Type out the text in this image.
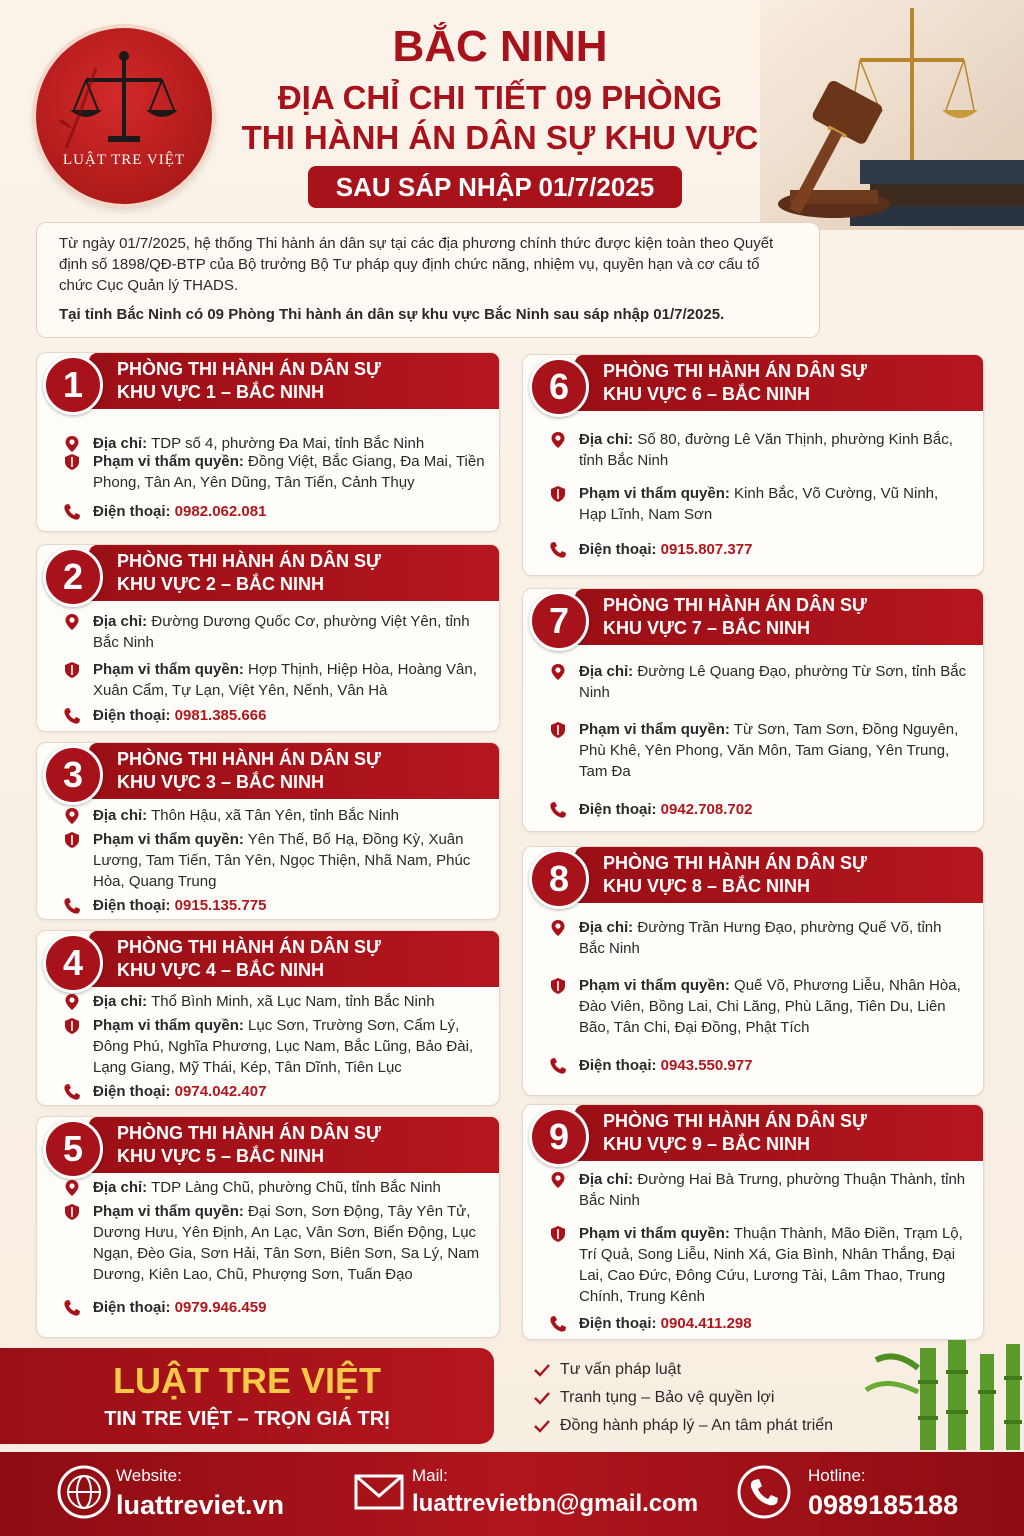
LUẬT TRE VIỆT
BẮC NINH
ĐỊA CHỈ CHI TIẾT 09 PHÒNG
THI HÀNH ÁN DÂN SỰ KHU VỰC
SAU SÁP NHẬP 01/7/2025

Từ ngày 01/7/2025, hệ thống Thi hành án dân sự tại các địa phương chính thức được kiện toàn theo Quyết định số 1898/QĐ-BTP của Bộ trưởng Bộ Tư pháp quy định chức năng, nhiệm vụ, quyền hạn và cơ cấu tổ chức Cục Quản lý THADS.

Tại tỉnh Bắc Ninh có 09 Phòng Thi hành án dân sự khu vực Bắc Ninh sau sáp nhập 01/7/2025.

1	PHÒNG THI HÀNH ÁN DÂN SỰ
KHU VỰC 1 – BẮC NINH
Địa chỉ: TDP số 4, phường Đa Mai, tỉnh Bắc Ninh
Phạm vi thẩm quyền: Đồng Việt, Bắc Giang, Đa Mai, Tiền Phong, Tân An, Yên Dũng, Tân Tiến, Cảnh Thụy
Điện thoại: 0982.062.081
2	PHÒNG THI HÀNH ÁN DÂN SỰ
KHU VỰC 2 – BẮC NINH
Địa chỉ: Đường Dương Quốc Cơ, phường Việt Yên, tỉnh Bắc Ninh
Phạm vi thẩm quyền: Hợp Thịnh, Hiệp Hòa, Hoàng Vân, Xuân Cẩm, Tự Lạn, Việt Yên, Nếnh, Vân Hà
Điện thoại: 0981.385.666
3	PHÒNG THI HÀNH ÁN DÂN SỰ
KHU VỰC 3 – BẮC NINH
Địa chỉ: Thôn Hậu, xã Tân Yên, tỉnh Bắc Ninh
Phạm vi thẩm quyền: Yên Thế, Bố Hạ, Đồng Kỳ, Xuân Lương, Tam Tiến, Tân Yên, Ngọc Thiện, Nhã Nam, Phúc Hòa, Quang Trung
Điện thoại: 0915.135.775
4	PHÒNG THI HÀNH ÁN DÂN SỰ
KHU VỰC 4 – BẮC NINH
Địa chỉ: Thổ Bình Minh, xã Lục Nam, tỉnh Bắc Ninh
Phạm vi thẩm quyền: Lục Sơn, Trường Sơn, Cẩm Lý, Đông Phú, Nghĩa Phương, Lục Nam, Bắc Lũng, Bảo Đài, Lạng Giang, Mỹ Thái, Kép, Tân Dĩnh, Tiên Lục
Điện thoại: 0974.042.407
5	PHÒNG THI HÀNH ÁN DÂN SỰ
KHU VỰC 5 – BẮC NINH
Địa chỉ: TDP Làng Chũ, phường Chũ, tỉnh Bắc Ninh
Phạm vi thẩm quyền: Đại Sơn, Sơn Động, Tây Yên Tử, Dương Hưu, Yên Định, An Lạc, Vân Sơn, Biển Động, Lục Ngạn, Đèo Gia, Sơn Hải, Tân Sơn, Biên Sơn, Sa Lý, Nam Dương, Kiên Lao, Chũ, Phượng Sơn, Tuấn Đạo
Điện thoại: 0979.946.459
6	PHÒNG THI HÀNH ÁN DÂN SỰ
KHU VỰC 6 – BẮC NINH
Địa chỉ: Số 80, đường Lê Văn Thịnh, phường Kinh Bắc, tỉnh Bắc Ninh
Phạm vi thẩm quyền: Kinh Bắc, Võ Cường, Vũ Ninh, Hạp Lĩnh, Nam Sơn
Điện thoại: 0915.807.377
7	PHÒNG THI HÀNH ÁN DÂN SỰ
KHU VỰC 7 – BẮC NINH
Địa chỉ: Đường Lê Quang Đạo, phường Từ Sơn, tỉnh Bắc Ninh
Phạm vi thẩm quyền: Từ Sơn, Tam Sơn, Đồng Nguyên, Phù Khê, Yên Phong, Văn Môn, Tam Giang, Yên Trung, Tam Đa
Điện thoại: 0942.708.702
8	PHÒNG THI HÀNH ÁN DÂN SỰ
KHU VỰC 8 – BẮC NINH
Địa chỉ: Đường Trần Hưng Đạo, phường Quế Võ, tỉnh Bắc Ninh
Phạm vi thẩm quyền: Quế Võ, Phương Liễu, Nhân Hòa, Đào Viên, Bồng Lai, Chi Lăng, Phù Lãng, Tiên Du, Liên Bão, Tân Chi, Đại Đồng, Phật Tích
Điện thoại: 0943.550.977
9	PHÒNG THI HÀNH ÁN DÂN SỰ
KHU VỰC 9 – BẮC NINH
Địa chỉ: Đường Hai Bà Trưng, phường Thuận Thành, tỉnh Bắc Ninh
Phạm vi thẩm quyền: Thuận Thành, Mão Điền, Trạm Lộ, Trí Quả, Song Liễu, Ninh Xá, Gia Bình, Nhân Thắng, Đại Lai, Cao Đức, Đông Cứu, Lương Tài, Lâm Thao, Trung Chính, Trung Kênh
Điện thoại: 0904.411.298
LUẬT TRE VIỆT
TIN TRE VIỆT – TRỌN GIÁ TRỊ
Tư vấn pháp luật
Tranh tụng – Bảo vệ quyền lợi
Đồng hành pháp lý – An tâm phát triển
Website:
luattreviet.vn
Mail:
luattrevietbn@gmail.com
Hotline:
0989185188
